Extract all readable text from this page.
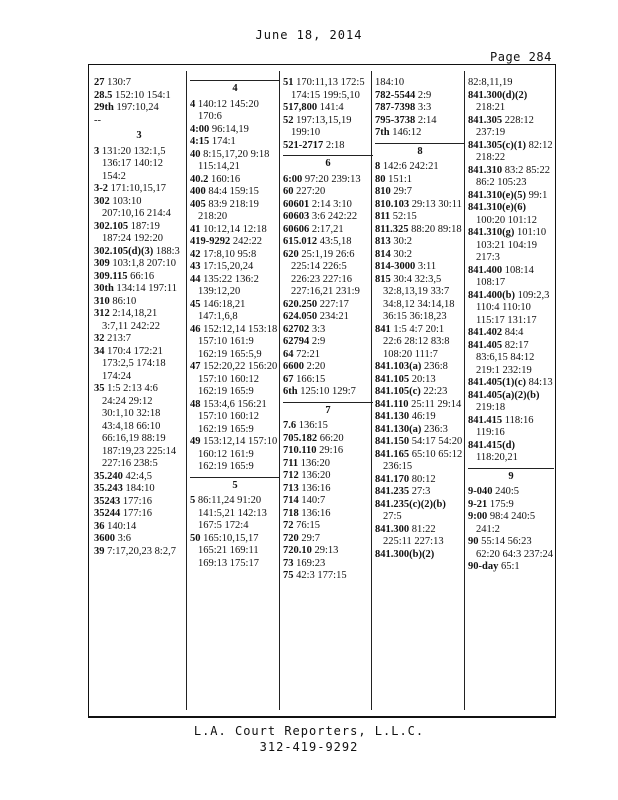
June 18, 2014
Page 284
27 130:7
28.5 152:10 154:1
29th 197:10,24
--
3
3 131:20 132:1,5 136:17 140:12 154:2
3-2 171:10,15,17
302 103:10 207:10,16 214:4
302.105 187:19 187:24 192:20
302.105(d)(3) 188:3
309 103:1,8 207:10
309.115 66:16
30th 134:14 197:11
310 86:10
312 2:14,18,21 3:7,11 242:22
32 213:7
34 170:4 172:21 173:2,5 174:18 174:24
35 1:5 2:13 4:6 24:24 29:12 30:1,10 32:18 43:4,18 66:10 66:16,19 88:19 187:19,23 225:14 227:16 238:5
35.240 42:4,5
35.243 184:10
35243 177:16
35244 177:16
36 140:14
3600 3:6
39 7:17,20,23 8:2,7
4
4 140:12 145:20 170:6
4:00 96:14,19
4:15 174:1
40 8:15,17,20 9:18 115:14,21
40.2 160:16
400 84:4 159:15
405 83:9 218:19 218:20
41 10:12,14 12:18
419-9292 242:22
42 17:8,10 95:8
43 17:15,20,24
44 135:22 136:2 139:12,20
45 146:18,21 147:1,6,8
46 152:12,14 153:18 157:10 161:9 162:19 165:5,9
47 152:20,22 156:20 157:10 160:12 162:19 165:9
48 153:4,6 156:21 157:10 160:12 162:19 165:9
49 153:12,14 157:10 160:12 161:9 162:19 165:9
5
5 86:11,24 91:20 141:5,21 142:13 167:5 172:4
50 165:10,15,17 165:21 169:11 169:13 175:17
51 170:11,13 172:5 174:15 199:5,10
517,800 141:4
52 197:13,15,19 199:10
521-2717 2:18
6
6:00 97:20 239:13
60 227:20
60601 2:14 3:10
60603 3:6 242:22
60606 2:17,21
615.012 43:5,18
620 25:1,19 26:6 225:14 226:5 226:23 227:16 227:16,21 231:9
620.250 227:17
624.050 234:21
62702 3:3
62794 2:9
64 72:21
6600 2:20
67 166:15
6th 125:10 129:7
7
7.6 136:15
705.182 66:20
710.110 29:16
711 136:20
712 136:20
713 136:16
714 140:7
718 136:16
72 76:15
720 29:7
720.10 29:13
73 169:23
75 42:3 177:15
184:10
782-5544 2:9
787-7398 3:3
795-3738 2:14
7th 146:12
8
8 142:6 242:21
80 151:1
810 29:7
810.103 29:13 30:11
811 52:15
811.325 88:20 89:18
813 30:2
814 30:2
814-3000 3:11
815 30:4 32:3,5 32:8,13,19 33:7 34:8,12 34:14,18 36:15 36:18,23
841 1:5 4:7 20:1 22:6 28:12 83:8 108:20 111:7
841.103(a) 236:8
841.105 20:13
841.105(c) 22:23
841.110 25:11 29:14
841.130 46:19
841.130(a) 236:3
841.150 54:17 54:20
841.165 65:10 65:12 236:15
841.170 80:12
841.235 27:3
841.235(c)(2)(b) 27:5
841.300 81:22 225:11 227:13
841.300(b)(2)
82:8,11,19
841.300(d)(2) 218:21
841.305 228:12 237:19
841.305(c)(1) 82:12 218:22
841.310 83:2 85:22 86:2 105:23
841.310(e)(5) 99:1
841.310(e)(6) 100:20 101:12
841.310(g) 101:10 103:21 104:19 217:3
841.400 108:14 108:17
841.400(b) 109:2,3 110:4 110:10 115:17 131:17
841.402 84:4
841.405 82:17 83:6,15 84:12 219:1 232:19
841.405(1)(c) 84:13
841.405(a)(2)(b) 219:18
841.415 118:16 119:16
841.415(d) 118:20,21
9
9-040 240:5
9-21 175:9
9:00 98:4 240:5 241:2
90 55:14 56:23 62:20 64:3 237:24
90-day 65:1
L.A. Court Reporters, L.L.C.
312-419-9292
